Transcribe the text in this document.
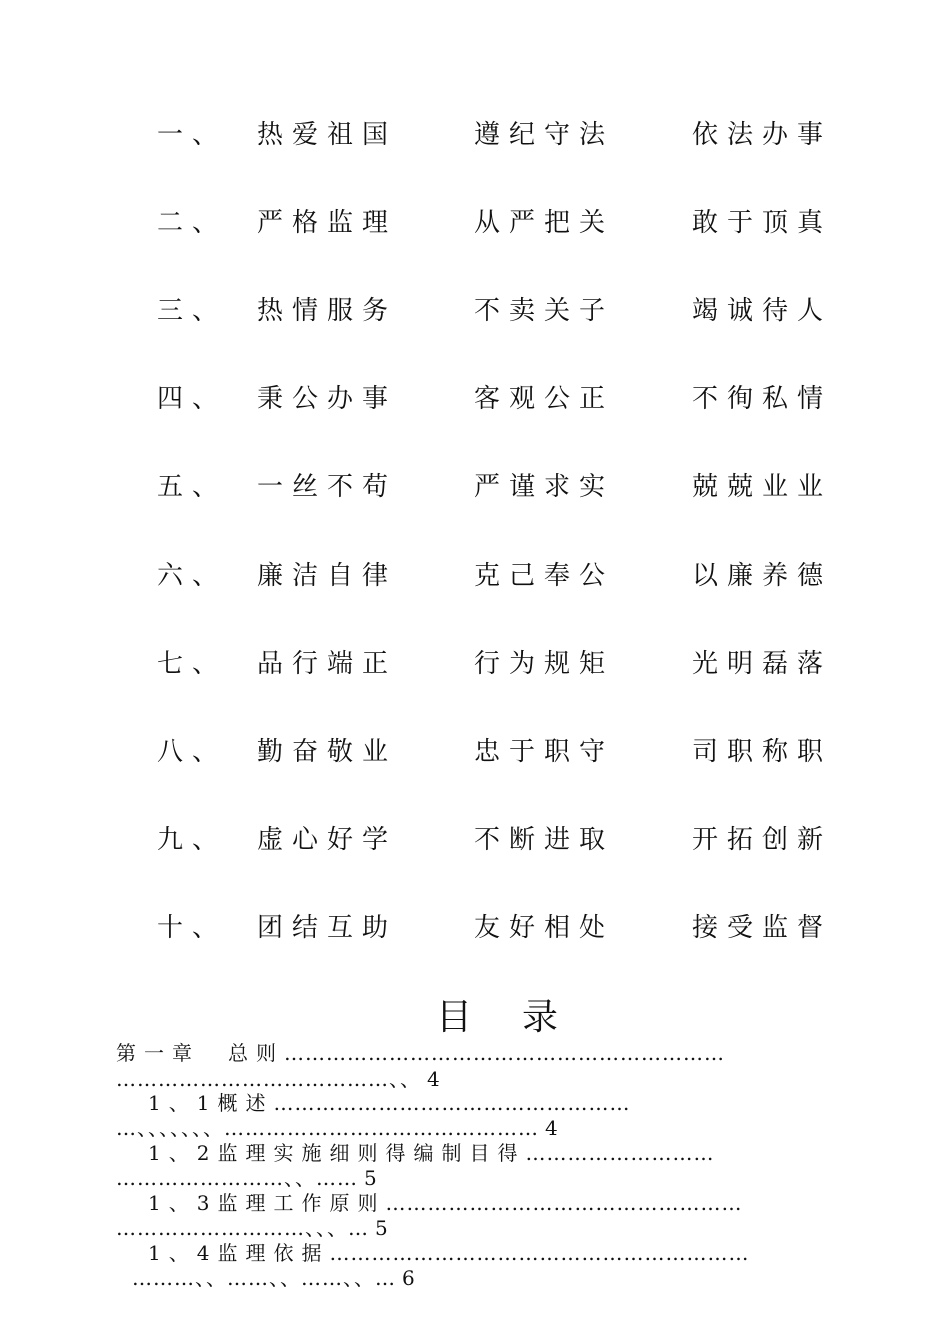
一、 热爱祖国	遵纪守法	依法办事
二、 严格监理	从严把关	敢于顶真
三、 热情服务	不卖关子	竭诚待人
四、 秉公办事	客观公正	不徇私情
五、 一丝不苟	严谨求实	兢兢业业
六、 廉洁自律	克己奉公	以廉养德
七、 品行端正	行为规矩	光明磊落
八、 勤奋敬业	忠于职守	司职称职
九、 虚心好学	不断进取	开拓创新
十、 团结互助	友好相处	接受监督
目录
第一章　总则………………………………………………………
…………………………………、、 4
1、1概述……………………………………………
…、、、、、、、……………………………………… 4
1、2监理实施细则得编制目得………………………
……………………、、…… 5
1、3监理工作原则……………………………………………
………………………、、、… 5
1、4监理依据……………………………………………………
………、、……、、……、、… 6
